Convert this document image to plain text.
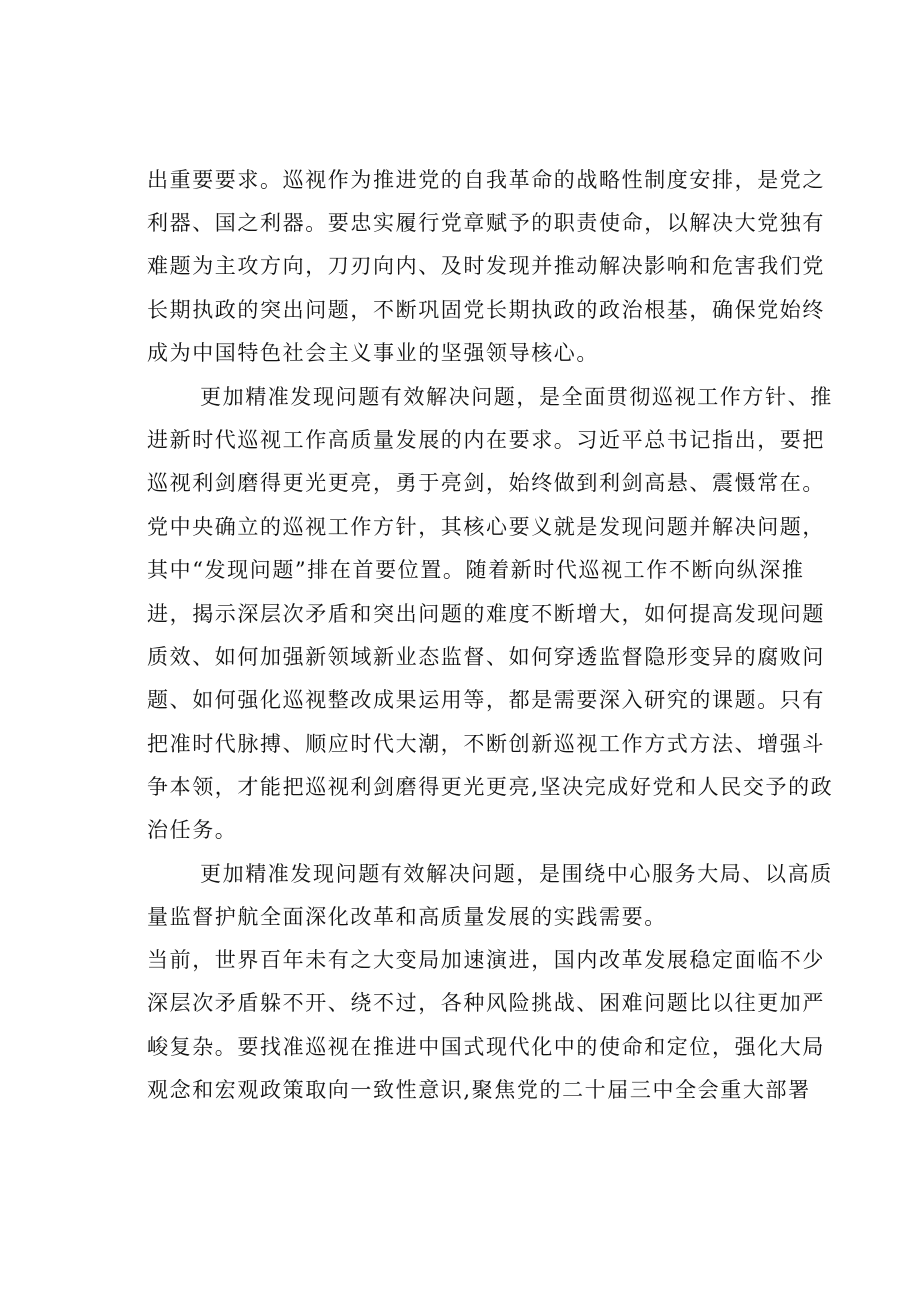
出重要要求。巡视作为推进党的自我革命的战略性制度安排，是党之
利器、国之利器。要忠实履行党章赋予的职责使命，以解决大党独有
难题为主攻方向，刀刃向内、及时发现并推动解决影响和危害我们党
长期执政的突出问题，不断巩固党长期执政的政治根基，确保党始终
成为中国特色社会主义事业的坚强领导核心。
更加精准发现问题有效解决问题，是全面贯彻巡视工作方针、推
进新时代巡视工作高质量发展的内在要求。习近平总书记指出，要把
巡视利剑磨得更光更亮，勇于亮剑，始终做到利剑高悬、震慑常在。
党中央确立的巡视工作方针，其核心要义就是发现问题并解决问题，
其中“发现问题”排在首要位置。随着新时代巡视工作不断向纵深推
进，揭示深层次矛盾和突出问题的难度不断增大，如何提高发现问题
质效、如何加强新领域新业态监督、如何穿透监督隐形变异的腐败问
题、如何强化巡视整改成果运用等，都是需要深入研究的课题。只有
把准时代脉搏、顺应时代大潮，不断创新巡视工作方式方法、增强斗
争本领，才能把巡视利剑磨得更光更亮,坚决完成好党和人民交予的政
治任务。
更加精准发现问题有效解决问题，是围绕中心服务大局、以高质
量监督护航全面深化改革和高质量发展的实践需要。
当前，世界百年未有之大变局加速演进，国内改革发展稳定面临不少
深层次矛盾躲不开、绕不过，各种风险挑战、困难问题比以往更加严
峻复杂。要找准巡视在推进中国式现代化中的使命和定位，强化大局
观念和宏观政策取向一致性意识,聚焦党的二十届三中全会重大部署
